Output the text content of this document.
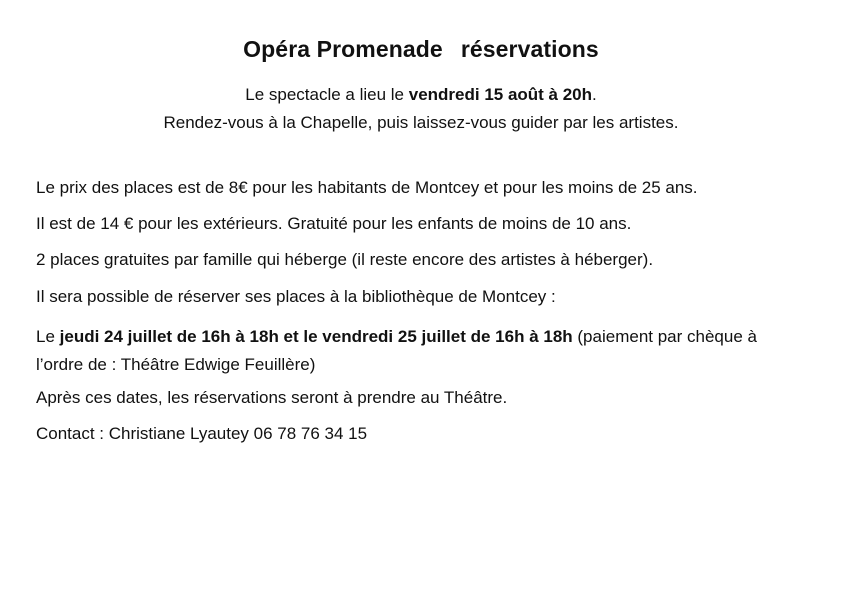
Opéra Promenade réservations
Le spectacle a lieu le vendredi 15 août à 20h.
Rendez-vous à la Chapelle, puis laissez-vous guider par les artistes.
Le prix des places est de 8€ pour les habitants de Montcey et pour les moins de 25 ans.
Il est de 14 € pour les extérieurs. Gratuité pour les enfants de moins de 10 ans.
2 places gratuites par famille qui héberge (il reste encore des artistes à héberger).
Il sera possible de réserver ses places à la bibliothèque de Montcey :
Le jeudi 24 juillet de 16h à 18h et le vendredi 25 juillet de 16h à 18h (paiement par chèque à l’ordre de : Théâtre Edwige Feuillère)
Après ces dates, les réservations seront à prendre au Théâtre.
Contact : Christiane Lyautey 06 78 76 34 15
